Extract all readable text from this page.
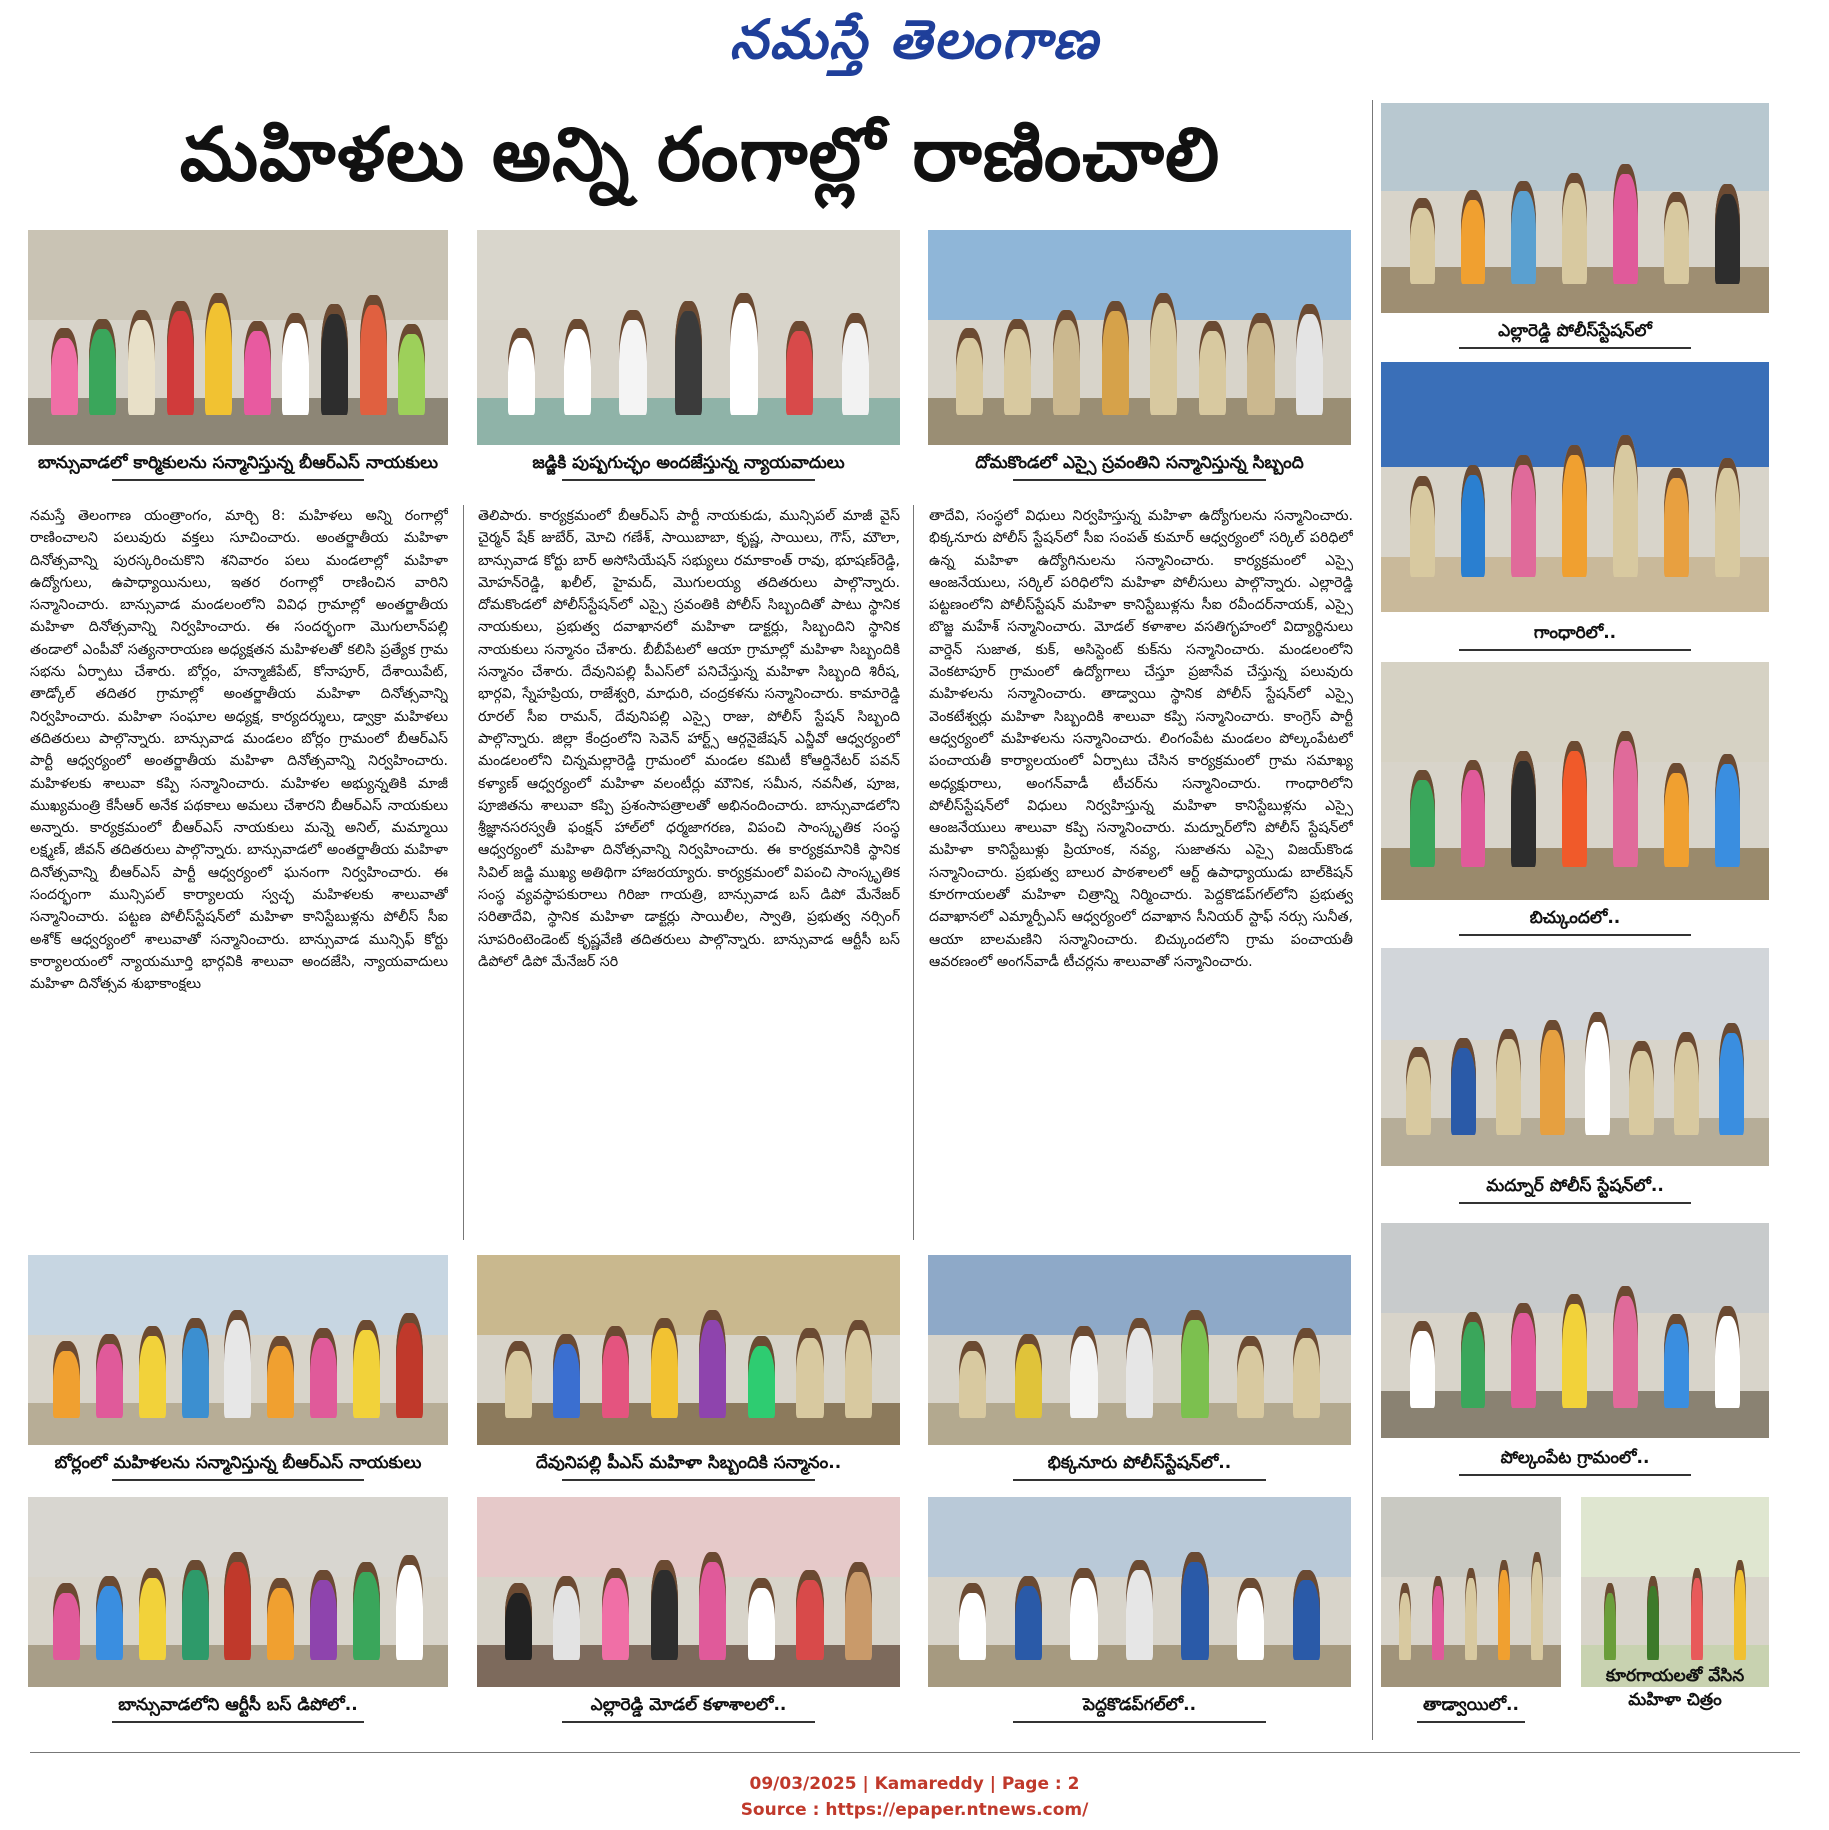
నమస్తే తెలంగాణ
మహిళలు అన్ని రంగాల్లో రాణించాలి
బాన్సువాడలో కార్మికులను సన్మానిస్తున్న బీఆర్ఎస్ నాయకులు	జడ్జికి పుష్పగుచ్ఛం అందజేస్తున్న న్యాయవాదులు	దోమకొండలో ఎస్సై స్రవంతిని సన్మానిస్తున్న సిబ్బంది
బోర్లంలో మహిళలను సన్మానిస్తున్న బీఆర్ఎస్ నాయకులు	దేవునిపల్లి పీఎస్ మహిళా సిబ్బందికి సన్మానం..	భిక్కనూరు పోలీస్‌స్టేషన్‌లో..
బాన్సువాడలోని ఆర్టీసీ బస్ డిపోలో..	ఎల్లారెడ్డి మోడల్ కళాశాలలో..	పెద్దకొడప్‌గల్‌లో..
ఎల్లారెడ్డి పోలీస్‌స్టేషన్‌లో
గాంధారిలో..
బిచ్కుందలో..
మద్నూర్ పోలీస్ స్టేషన్‌లో..
పోల్కంపేట గ్రామంలో..
తాడ్వాయిలో..
కూరగాయలతో వేసిన
మహిళా చిత్రం

నమస్తే తెలంగాణ యంత్రాంగం, మార్చి 8: మహిళలు అన్ని రంగాల్లో రాణించాలని పలువురు వక్తలు సూచించారు. అంతర్జాతీయ మహిళా దినోత్సవాన్ని పురస్కరించుకొని శనివారం పలు మండలాల్లో మహిళా ఉద్యోగులు, ఉపాధ్యాయినులు, ఇతర రంగాల్లో రాణించిన వారిని సన్మానించారు. బాన్సువాడ మండలంలోని వివిధ గ్రామాల్లో అంతర్జాతీయ మహిళా దినోత్సవాన్ని నిర్వహించారు. ఈ సందర్భంగా మొగులాన్‌పల్లి తండాలో ఎంపీవో సత్యనారాయణ అధ్యక్షతన మహిళలతో కలిసి ప్రత్యేక గ్రామ సభను ఏర్పాటు చేశారు. బోర్లం, హన్మాజీపేట్, కోనాపూర్, దేశాయిపేట్, తాడ్కోల్ తదితర గ్రామాల్లో అంతర్జాతీయ మహిళా దినోత్సవాన్ని నిర్వహించారు. మహిళా సంఘాల అధ్యక్ష, కార్యదర్శులు, డ్వాక్రా మహిళలు తదితరులు పాల్గొన్నారు. బాన్సువాడ మండలం బోర్లం గ్రామంలో బీఆర్ఎస్ పార్టీ ఆధ్వర్యంలో అంతర్జాతీయ మహిళా దినోత్సవాన్ని నిర్వహించారు. మహిళలకు శాలువా కప్పి సన్మానించారు. మహిళల అభ్యున్నతికి మాజీ ముఖ్యమంత్రి కేసీఆర్ అనేక పథకాలు అమలు చేశారని బీఆర్ఎస్ నాయకులు అన్నారు. కార్యక్రమంలో బీఆర్ఎస్ నాయకులు మన్నె అనిల్, మమ్మాయి లక్ష్మణ్, జీవన్ తదితరులు పాల్గొన్నారు. బాన్సువాడలో అంతర్జాతీయ మహిళా దినోత్సవాన్ని బీఆర్ఎస్ పార్టీ ఆధ్వర్యంలో ఘనంగా నిర్వహించారు. ఈ సందర్భంగా మున్సిపల్ కార్యాలయ స్వచ్ఛ మహిళలకు శాలువాతో సన్మానించారు. పట్టణ పోలీస్‌స్టేషన్‌లో మహిళా కానిస్టేబుళ్లను పోలీస్ సీఐ అశోక్ ఆధ్వర్యంలో శాలువాతో సన్మానించారు. బాన్సువాడ మున్సిఫ్ కోర్టు కార్యాలయంలో న్యాయమూర్తి భార్గవికి శాలువా అందజేసి, న్యాయవాదులు మహిళా దినోత్సవ శుభాకాంక్షలు

తెలిపారు. కార్యక్రమంలో బీఆర్ఎస్ పార్టీ నాయకుడు, మున్సిపల్ మాజీ వైస్ చైర్మన్ షేక్ జుబేర్, మోచి గణేశ్, సాయిబాబా, కృష్ణ, సాయిలు, గౌస్, మౌలా, బాన్సువాడ కోర్టు బార్ అసోసియేషన్ సభ్యులు రమాకాంత్ రావు, భూషణ్‌రెడ్డి, మోహన్‌రెడ్డి, ఖలీల్, హైమద్, మొగులయ్య తదితరులు పాల్గొన్నారు. దోమకొండలో పోలీస్‌స్టేషన్‌లో ఎస్సై స్రవంతికి పోలీస్ సిబ్బందితో పాటు స్థానిక నాయకులు, ప్రభుత్వ దవాఖానలో మహిళా డాక్టర్లు, సిబ్బందిని స్థానిక నాయకులు సన్మానం చేశారు. బీబీపేటలో ఆయా గ్రామాల్లో మహిళా సిబ్బందికి సన్మానం చేశారు. దేవునిపల్లి పీఎస్‌లో పనిచేస్తున్న మహిళా సిబ్బంది శిరీష, భార్గవి, స్నేహప్రియ, రాజేశ్వరి, మాధురి, చంద్రకళను సన్మానించారు. కామారెడ్డి రూరల్ సీఐ రామన్, దేవునిపల్లి ఎస్సై రాజు, పోలీస్ స్టేషన్ సిబ్బంది పాల్గొన్నారు. జిల్లా కేంద్రంలోని సెవెన్ హార్ట్స్ ఆర్గనైజేషన్ ఎన్జీవో ఆధ్వర్యంలో మండలంలోని చిన్నమల్లారెడ్డి గ్రామంలో మండల కమిటీ కోఆర్డినేటర్ పవన్ కళ్యాణ్ ఆధ్వర్యంలో మహిళా వలంటీర్లు మౌనిక, సమీన, నవనీత, పూజ, పూజితను శాలువా కప్పి ప్రశంసాపత్రాలతో అభినందించారు. బాన్సువాడలోని శ్రీజ్ఞానసరస్వతీ ఫంక్షన్ హాల్‌లో ధర్మజాగరణ, విపంచి సాంస్కృతిక సంస్థ ఆధ్వర్యంలో మహిళా దినోత్సవాన్ని నిర్వహించారు. ఈ కార్యక్రమానికి స్థానిక సివిల్ జడ్జి ముఖ్య అతిథిగా హాజరయ్యారు. కార్యక్రమంలో విపంచి సాంస్కృతిక సంస్థ వ్యవస్థాపకురాలు గిరిజా గాయత్రి, బాన్సువాడ బస్ డిపో మేనేజర్ సరితాదేవి, స్థానిక మహిళా డాక్టర్లు సాయిలీల, స్వాతి, ప్రభుత్వ నర్సింగ్ సూపరింటెండెంట్ కృష్ణవేణి తదితరులు పాల్గొన్నారు. బాన్సువాడ ఆర్టీసీ బస్ డిపోలో డిపో మేనేజర్ సరి

తాదేవి, సంస్థలో విధులు నిర్వహిస్తున్న మహిళా ఉద్యోగులను సన్మానించారు. భిక్కనూరు పోలీస్ స్టేషన్‌లో సీఐ సంపత్ కుమార్ ఆధ్వర్యంలో సర్కిల్ పరిధిలో ఉన్న మహిళా ఉద్యోగినులను సన్మానించారు. కార్యక్రమంలో ఎస్సై ఆంజనేయులు, సర్కిల్ పరిధిలోని మహిళా పోలీసులు పాల్గొన్నారు. ఎల్లారెడ్డి పట్టణంలోని పోలీస్‌స్టేషన్ మహిళా కానిస్టేబుళ్లను సీఐ రవీందర్‌నాయక్, ఎస్సై బొజ్జ మహేశ్ సన్మానించారు. మోడల్ కళాశాల వసతిగృహంలో విద్యార్థినులు వార్డెన్ సుజాత, కుక్, అసిస్టెంట్ కుక్‌ను సన్మానించారు. మండలంలోని వెంకటాపూర్ గ్రామంలో ఉద్యోగాలు చేస్తూ ప్రజాసేవ చేస్తున్న పలువురు మహిళలను సన్మానించారు. తాడ్వాయి స్థానిక పోలీస్ స్టేషన్‌లో ఎస్సై వెంకటేశ్వర్లు మహిళా సిబ్బందికి శాలువా కప్పి సన్మానించారు. కాంగ్రెస్ పార్టీ ఆధ్వర్యంలో మహిళలను సన్మానించారు. లింగంపేట మండలం పోల్కంపేటలో పంచాయతీ కార్యాలయంలో ఏర్పాటు చేసిన కార్యక్రమంలో గ్రామ సమాఖ్య అధ్యక్షురాలు, అంగన్‌వాడీ టీచర్‌ను సన్మానించారు. గాంధారిలోని పోలీస్‌స్టేషన్‌లో విధులు నిర్వహిస్తున్న మహిళా కానిస్టేబుళ్లను ఎస్సై ఆంజనేయులు శాలువా కప్పి సన్మానించారు. మద్నూర్‌లోని పోలీస్ స్టేషన్‌లో మహిళా కానిస్టేబుళ్లు ప్రియాంక, నవ్య, సుజాతను ఎస్సై విజయ్‌కొండ సన్మానించారు. ప్రభుత్వ బాలుర పాఠశాలలో ఆర్ట్ ఉపాధ్యాయుడు బాల్‌కిషన్ కూరగాయలతో మహిళా చిత్రాన్ని నిర్మించారు. పెద్దకొడప్‌గల్‌లోని ప్రభుత్వ దవాఖానలో ఎమ్మార్పీఎస్ ఆధ్వర్యంలో దవాఖాన సీనియర్ స్టాఫ్ నర్సు సునీత, ఆయా బాలమణిని సన్మానించారు. బిచ్కుందలోని గ్రామ పంచాయతీ ఆవరణంలో అంగన్‌వాడీ టీచర్లను శాలువాతో సన్మానించారు.

09/03/2025 | Kamareddy | Page : 2
Source : https://epaper.ntnews.com/
